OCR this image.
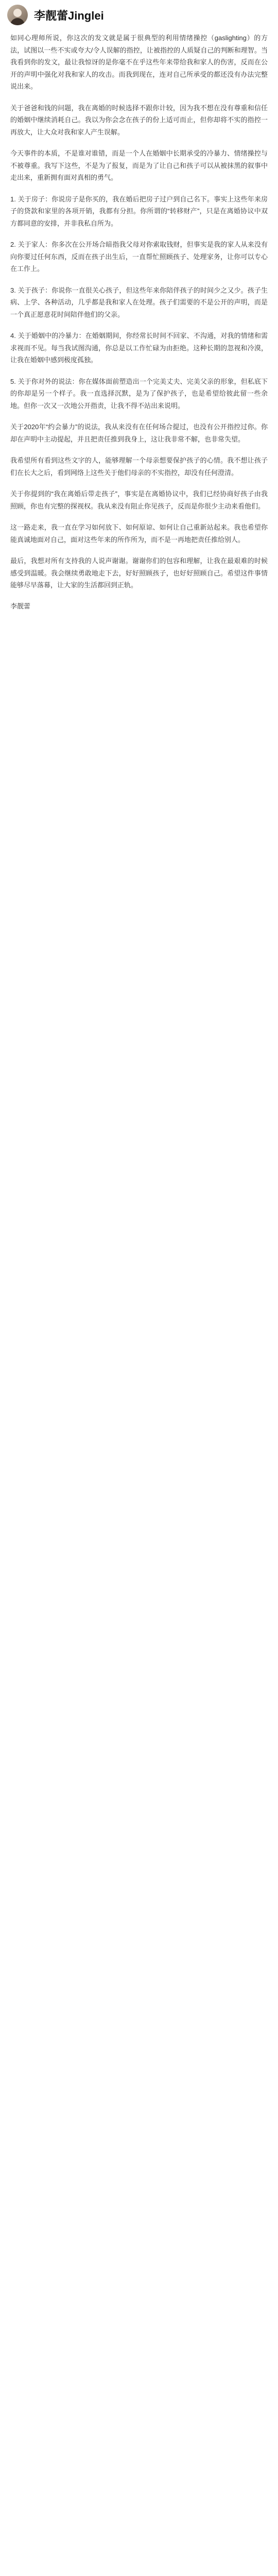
李靓蕾Jinglei

如同心理师所说，你这次的发文就是属于很典型的利用情绪操控（gaslighting）的方法，试图以一些不实或夸大/令人误解的指控，让被指控的人质疑自己的判断和理智。当我看到你的发文，最让我惊讶的是你毫不在乎这些年来带给我和家人的伤害，反而在公开的声明中强化对我和家人的攻击。而我到现在，连对自己所承受的都还没有办法完整说出来。

关于爸爸和钱的问题，我在离婚的时候选择不跟你计较，因为我不想在没有尊重和信任的婚姻中继续消耗自己。我以为你会念在孩子的份上适可而止，但你却将不实的指控一再放大，让大众对我和家人产生误解。

今天事件的本质，不是谁对谁错，而是一个人在婚姻中长期承受的冷暴力、情绪操控与不被尊重。我写下这些，不是为了报复，而是为了让自己和孩子可以从被抹黑的叙事中走出来，重新拥有面对真相的勇气。

1. 关于房子：你说房子是你买的，我在婚后把房子过户到自己名下。事实上这些年来房子的贷款和家里的各项开销，我都有分担。你所谓的“转移财产”，只是在离婚协议中双方都同意的安排，并非我私自所为。

2. 关于家人：你多次在公开场合暗指我父母对你索取钱财，但事实是我的家人从来没有向你要过任何东西，反而在孩子出生后，一直帮忙照顾孩子、处理家务，让你可以专心在工作上。

3. 关于孩子：你说你一直很关心孩子，但这些年来你陪伴孩子的时间少之又少。孩子生病、上学、各种活动，几乎都是我和家人在处理。孩子们需要的不是公开的声明，而是一个真正愿意花时间陪伴他们的父亲。

4. 关于婚姻中的冷暴力：在婚姻期间，你经常长时间不回家、不沟通，对我的情绪和需求视而不见。每当我试图沟通，你总是以工作忙碌为由拒绝。这种长期的忽视和冷漠，让我在婚姻中感到极度孤独。

5. 关于你对外的说法：你在媒体面前塑造出一个完美丈夫、完美父亲的形象，但私底下的你却是另一个样子。我一直选择沉默，是为了保护孩子，也是希望给彼此留一些余地。但你一次又一次地公开指责，让我不得不站出来说明。

关于2020年“约会暴力”的说法，我从来没有在任何场合提过，也没有公开指控过你。你却在声明中主动提起，并且把责任推到我身上，这让我非常不解，也非常失望。

我希望所有看到这些文字的人，能够理解一个母亲想要保护孩子的心情。我不想让孩子们在长大之后，看到网络上这些关于他们母亲的不实指控，却没有任何澄清。

关于你提到的“我在离婚后带走孩子”，事实是在离婚协议中，我们已经协商好孩子由我照顾，你也有完整的探视权。我从来没有阻止你见孩子，反而是你很少主动来看他们。

这一路走来，我一直在学习如何放下、如何原谅、如何让自己重新站起来。我也希望你能真诚地面对自己，面对这些年来的所作所为，而不是一再地把责任推给别人。

最后，我想对所有支持我的人说声谢谢。谢谢你们的包容和理解，让我在最艰难的时候感受到温暖。我会继续勇敢地走下去，好好照顾孩子，也好好照顾自己。希望这件事情能够尽早落幕，让大家的生活都回到正轨。

李靓蕾
